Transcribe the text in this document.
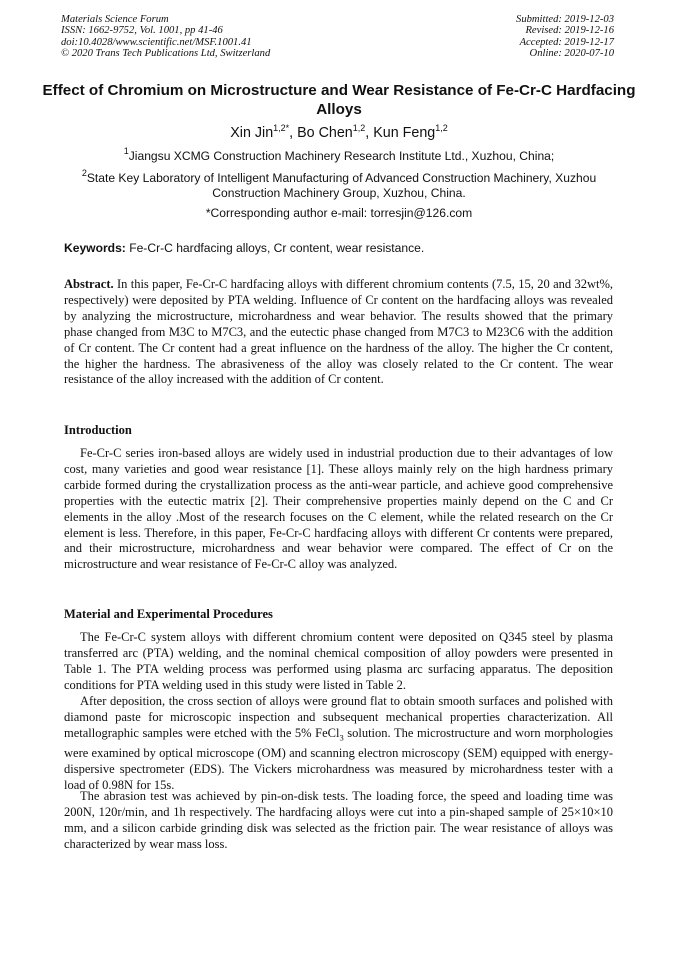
Materials Science Forum
ISSN: 1662-9752, Vol. 1001, pp 41-46
doi:10.4028/www.scientific.net/MSF.1001.41
© 2020 Trans Tech Publications Ltd, Switzerland
Submitted: 2019-12-03
Revised: 2019-12-16
Accepted: 2019-12-17
Online: 2020-07-10
Effect of Chromium on Microstructure and Wear Resistance of Fe-Cr-C Hardfacing Alloys
Xin Jin$^{1,2*}$, Bo Chen$^{1,2}$, Kun Feng$^{1,2}$
$^1$Jiangsu XCMG Construction Machinery Research Institute Ltd., Xuzhou, China;
$^2$State Key Laboratory of Intelligent Manufacturing of Advanced Construction Machinery, Xuzhou Construction Machinery Group, Xuzhou, China.
*Corresponding author e-mail: torresjin@126.com
Keywords: Fe-Cr-C hardfacing alloys, Cr content, wear resistance.

Abstract. In this paper, Fe-Cr-C hardfacing alloys with different chromium contents (7.5, 15, 20 and 32wt%, respectively) were deposited by PTA welding. Influence of Cr content on the hardfacing alloys was revealed by analyzing the microstructure, microhardness and wear behavior. The results showed that the primary phase changed from M3C to M7C3, and the eutectic phase changed from M7C3 to M23C6 with the addition of Cr content. The Cr content had a great influence on the hardness of the alloy. The higher the Cr content, the higher the hardness. The abrasiveness of the alloy was closely related to the Cr content. The wear resistance of the alloy increased with the addition of Cr content.

Introduction

Fe-Cr-C series iron-based alloys are widely used in industrial production due to their advantages of low cost, many varieties and good wear resistance [1]. These alloys mainly rely on the high hardness primary carbide formed during the crystallization process as the anti-wear particle, and achieve good comprehensive properties with the eutectic matrix [2]. Their comprehensive properties mainly depend on the C and Cr elements in the alloy .Most of the research focuses on the C element, while the related research on the Cr element is less. Therefore, in this paper, Fe-Cr-C hardfacing alloys with different Cr contents were prepared, and their microstructure, microhardness and wear behavior were compared. The effect of Cr on the microstructure and wear resistance of Fe-Cr-C alloy was analyzed.

Material and Experimental Procedures

The Fe-Cr-C system alloys with different chromium content were deposited on Q345 steel by plasma transferred arc (PTA) welding, and the nominal chemical composition of alloy powders were presented in Table 1. The PTA welding process was performed using plasma arc surfacing apparatus. The deposition conditions for PTA welding used in this study were listed in Table 2.

After deposition, the cross section of alloys were ground flat to obtain smooth surfaces and polished with diamond paste for microscopic inspection and subsequent mechanical properties characterization. All metallographic samples were etched with the 5% FeCl$_3$ solution. The microstructure and worn morphologies were examined by optical microscope (OM) and scanning electron microscopy (SEM) equipped with energy-dispersive spectrometer (EDS). The Vickers microhardness was measured by microhardness tester with a load of 0.98N for 15s.

The abrasion test was achieved by pin-on-disk tests. The loading force, the speed and loading time was 200N, 120r/min, and 1h respectively. The hardfacing alloys were cut into a pin-shaped sample of 25×10×10 mm, and a silicon carbide grinding disk was selected as the friction pair. The wear resistance of alloys was characterized by wear mass loss.
